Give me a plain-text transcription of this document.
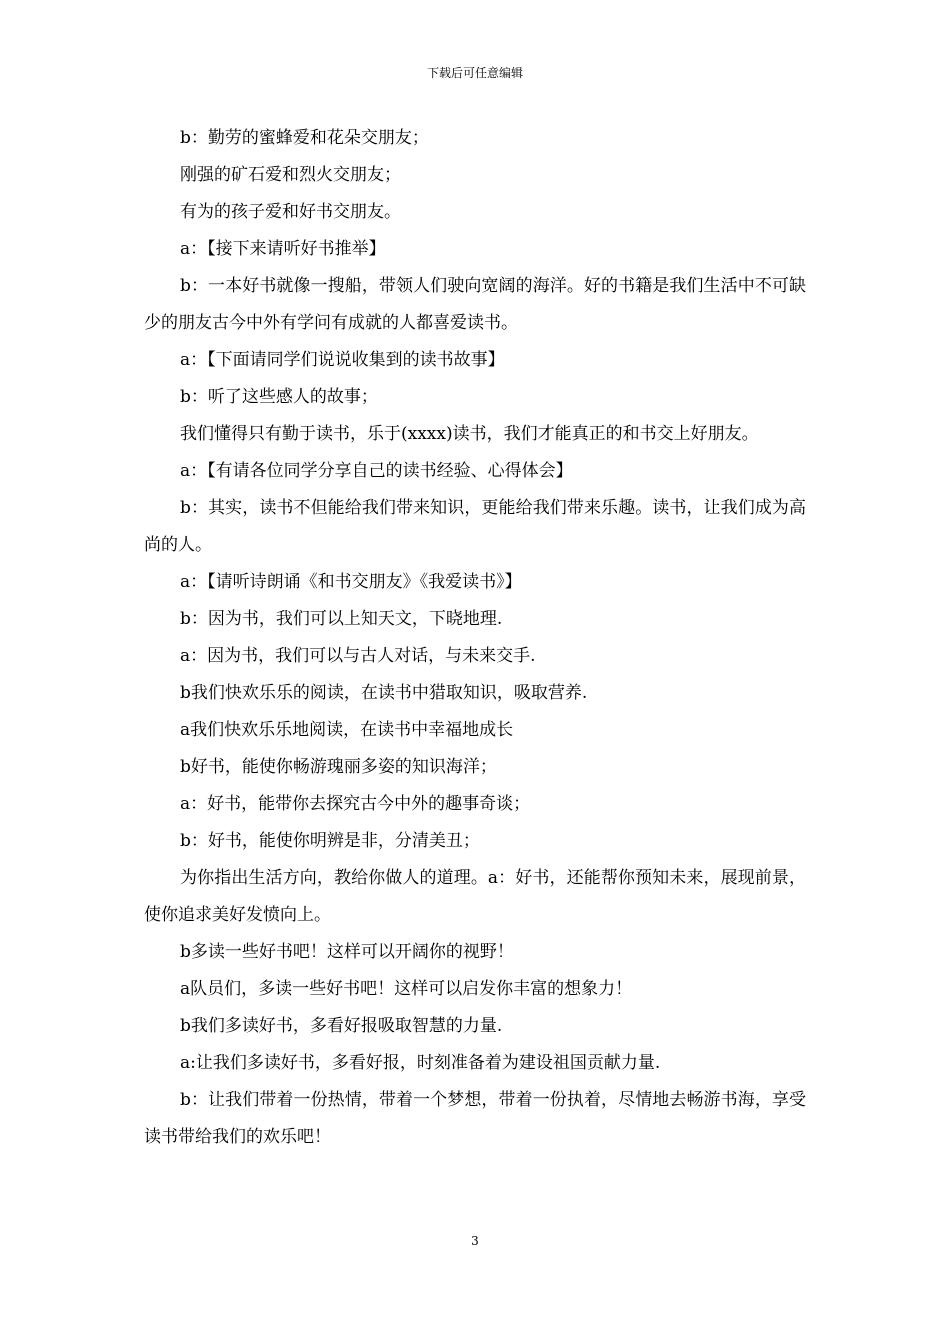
下载后可任意编辑

b：勤劳的蜜蜂爱和花朵交朋友；

刚强的矿石爱和烈火交朋友；

有为的孩子爱和好书交朋友。

a：【接下来请听好书推举】

b：一本好书就像一搜船，带领人们驶向宽阔的海洋。好的书籍是我们生活中不可缺少的朋友古今中外有学问有成就的人都喜爱读书。

a：【下面请同学们说说收集到的读书故事】

b：听了这些感人的故事；

我们懂得只有勤于读书，乐于(xxxx)读书，我们才能真正的和书交上好朋友。

a：【有请各位同学分享自己的读书经验、心得体会】

b：其实，读书不但能给我们带来知识，更能给我们带来乐趣。读书，让我们成为高尚的人。

a：【请听诗朗诵《和书交朋友》《我爱读书》】

b：因为书，我们可以上知天文，下晓地理.

a：因为书，我们可以与古人对话，与未来交手.

b我们快欢乐乐的阅读，在读书中猎取知识，吸取营养.

a我们快欢乐乐地阅读，在读书中幸福地成长

b好书，能使你畅游瑰丽多姿的知识海洋；

a：好书，能带你去探究古今中外的趣事奇谈；

b：好书，能使你明辨是非，分清美丑；

为你指出生活方向，教给你做人的道理。a：好书，还能帮你预知未来，展现前景，使你追求美好发愤向上。

b多读一些好书吧！这样可以开阔你的视野！

a队员们，多读一些好书吧！这样可以启发你丰富的想象力！

b我们多读好书，多看好报吸取智慧的力量.

a:让我们多读好书，多看好报，时刻准备着为建设祖国贡献力量.

b：让我们带着一份热情，带着一个梦想，带着一份执着，尽情地去畅游书海，享受读书带给我们的欢乐吧！

3
